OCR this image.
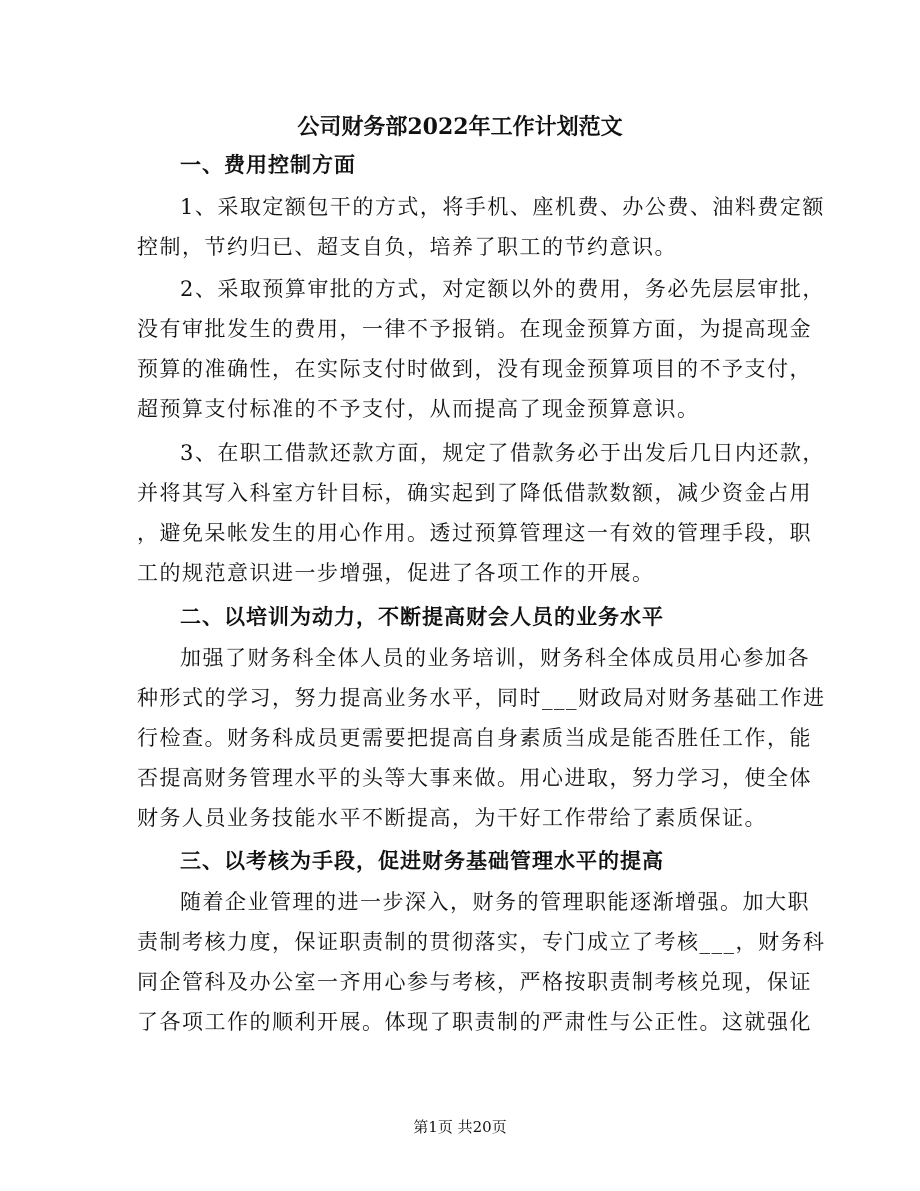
公司财务部2022年工作计划范文
一、费用控制方面
1、采取定额包干的方式，将手机、座机费、办公费、油料费定额
控制，节约归已、超支自负，培养了职工的节约意识。
2、采取预算审批的方式，对定额以外的费用，务必先层层审批，
没有审批发生的费用，一律不予报销。在现金预算方面，为提高现金
预算的准确性，在实际支付时做到，没有现金预算项目的不予支付，
超预算支付标准的不予支付，从而提高了现金预算意识。
3、在职工借款还款方面，规定了借款务必于出发后几日内还款，
并将其写入科室方针目标，确实起到了降低借款数额，减少资金占用
，避免呆帐发生的用心作用。透过预算管理这一有效的管理手段，职
工的规范意识进一步增强，促进了各项工作的开展。
二、以培训为动力，不断提高财会人员的业务水平
加强了财务科全体人员的业务培训，财务科全体成员用心参加各
种形式的学习，努力提高业务水平，同时___财政局对财务基础工作进
行检查。财务科成员更需要把提高自身素质当成是能否胜任工作，能
否提高财务管理水平的头等大事来做。用心进取，努力学习，使全体
财务人员业务技能水平不断提高，为干好工作带给了素质保证。
三、以考核为手段，促进财务基础管理水平的提高
随着企业管理的进一步深入，财务的管理职能逐渐增强。加大职
责制考核力度，保证职责制的贯彻落实，专门成立了考核___，财务科
同企管科及办公室一齐用心参与考核，严格按职责制考核兑现，保证
了各项工作的顺利开展。体现了职责制的严肃性与公正性。这就强化
第1页 共20页
